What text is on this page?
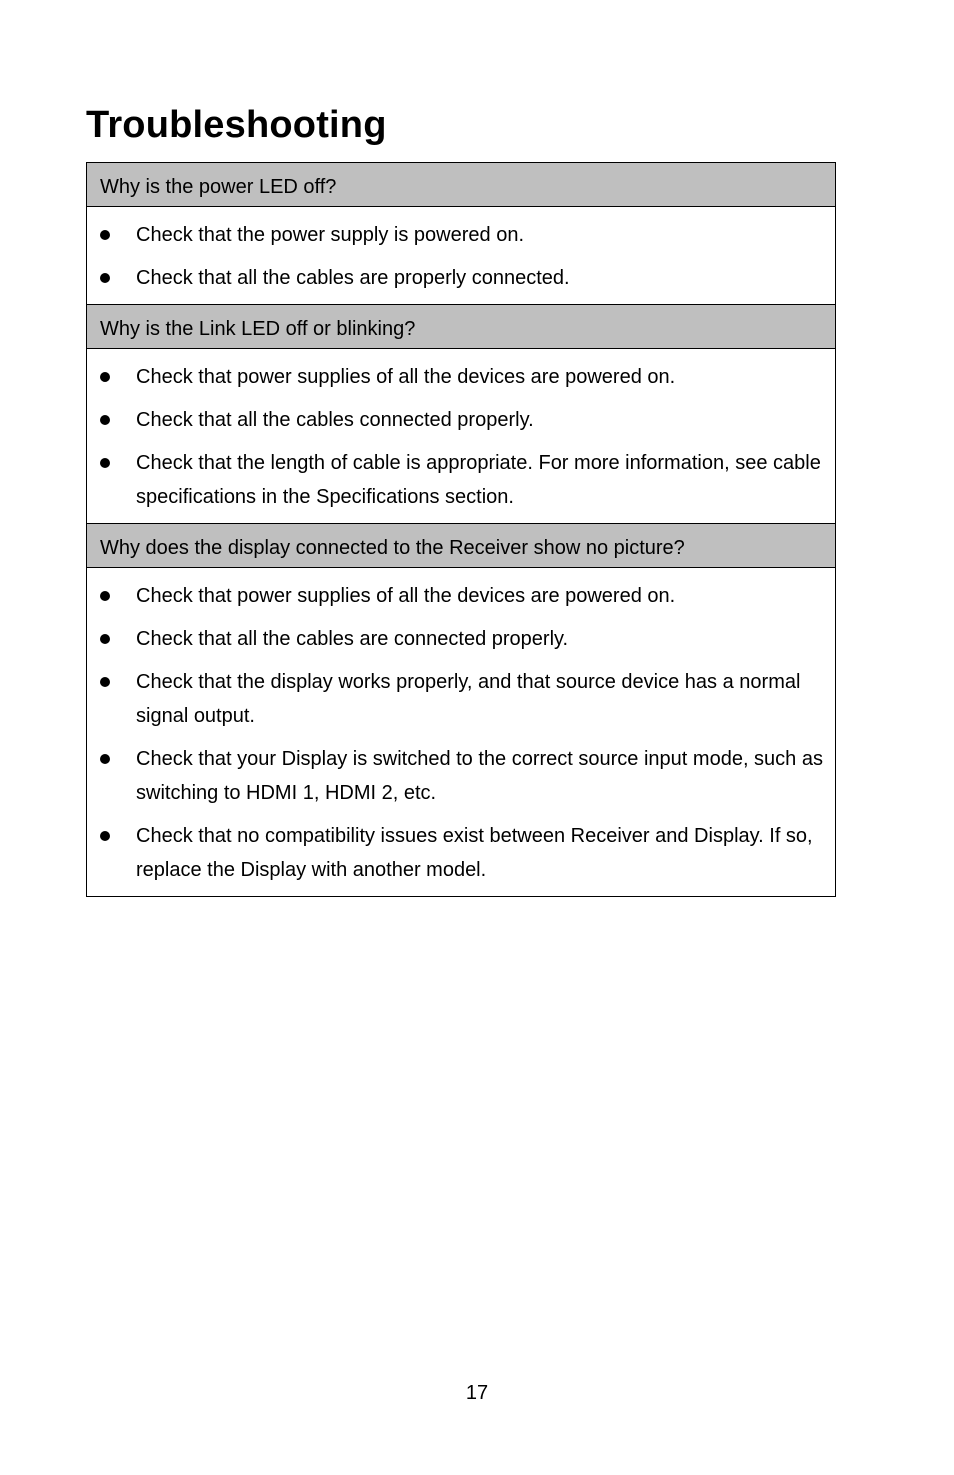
Troubleshooting
Why is the power LED off?
Check that the power supply is powered on.
Check that all the cables are properly connected.
Why is the Link LED off or blinking?
Check that power supplies of all the devices are powered on.
Check that all the cables connected properly.
Check that the length of cable is appropriate. For more information, see cable specifications in the Specifications section.
Why does the display connected to the Receiver show no picture?
Check that power supplies of all the devices are powered on.
Check that all the cables are connected properly.
Check that the display works properly, and that source device has a normal signal output.
Check that your Display is switched to the correct source input mode, such as switching to HDMI 1, HDMI 2, etc.
Check that no compatibility issues exist between Receiver and Display. If so, replace the Display with another model.
17
